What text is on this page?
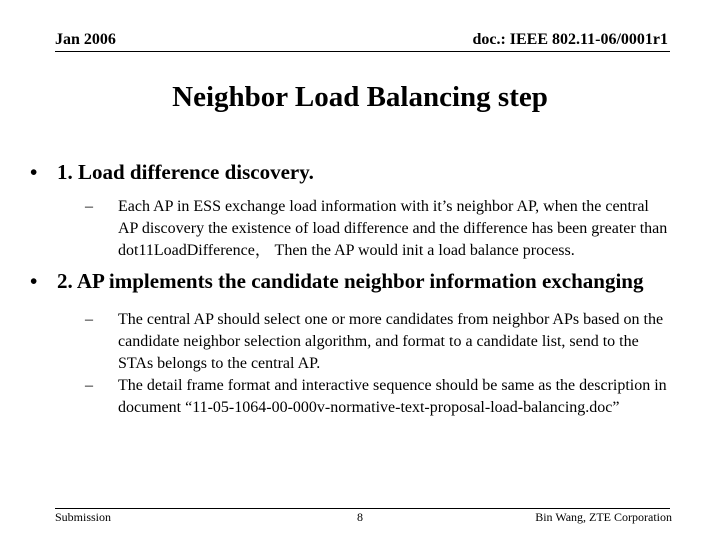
Jan 2006	doc.: IEEE 802.11-06/0001r1
Neighbor Load Balancing step
• 1. Load difference discovery.
–	Each AP in ESS exchange load information with it’s neighbor AP, when the central AP discovery the existence of load difference and the difference has been greater than dot11LoadDifference， Then the AP would init a load balance process.
• 2. AP implements the candidate neighbor information exchanging
–	The central AP should select one or more candidates from neighbor APs based on the candidate neighbor selection algorithm, and format to a candidate list, send to the STAs belongs to the central AP.
–	The detail frame format and interactive sequence should be same as the description in document “11-05-1064-00-000v-normative-text-proposal-load-balancing.doc”
Submission	8	Bin Wang, ZTE Corporation
